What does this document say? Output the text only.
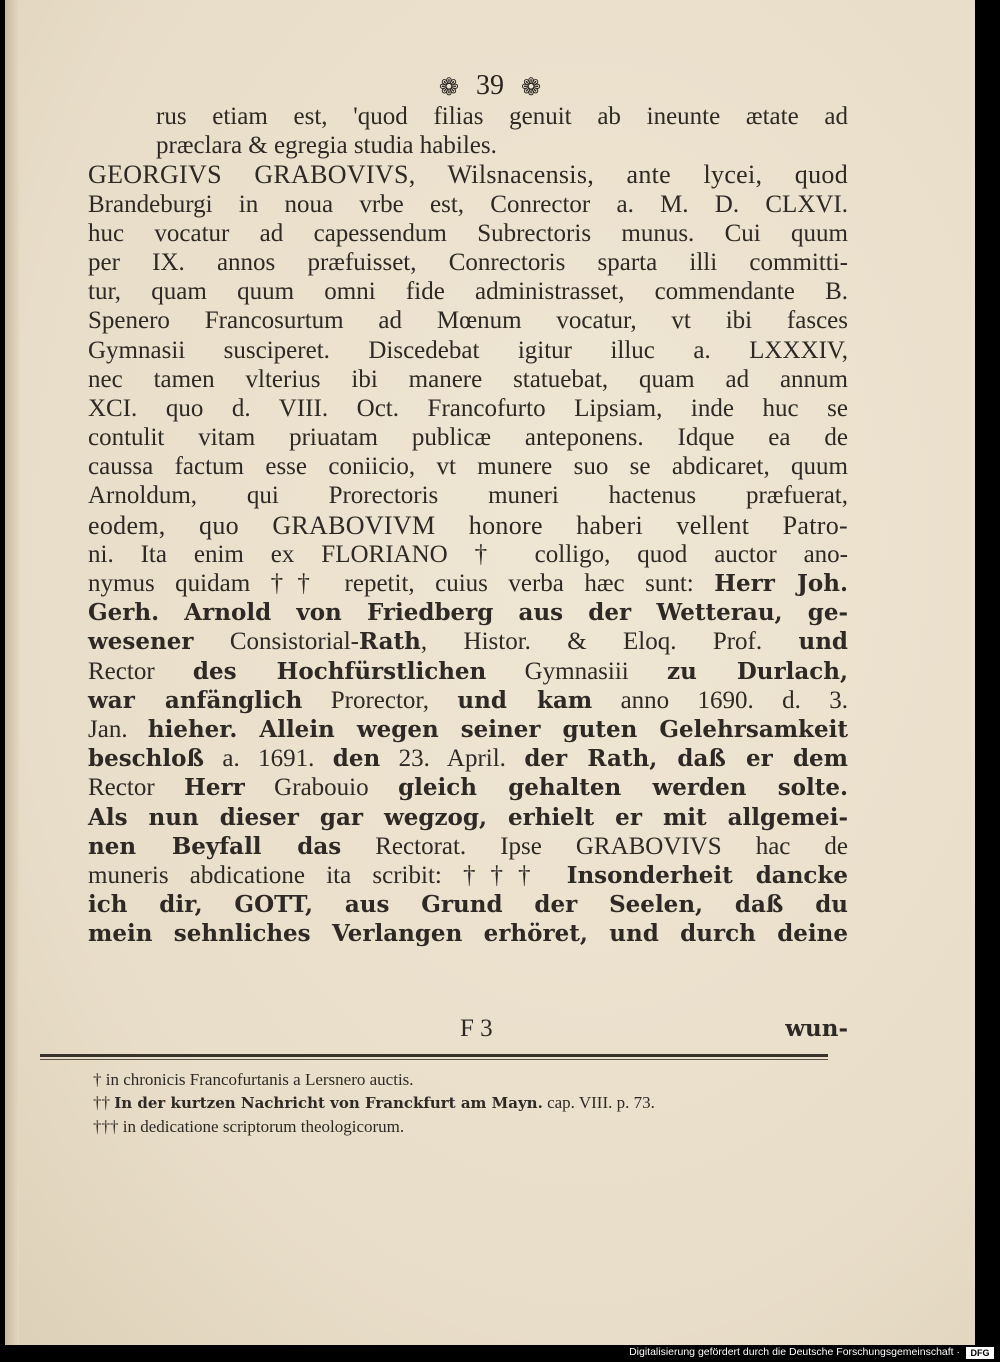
❁ 39 ❁
rus etiam est, 'quod filias genuit ab ineunte ætate ad
præclara & egregia studia habiles.
GEORGIVS GRABOVIVS, Wilsnacensis, ante lycei, quod
Brandeburgi in noua vrbe est, Conrector a. M. D. CLXVI.
huc vocatur ad capessendum Subrectoris munus. Cui quum
per IX. annos præfuisset, Conrectoris sparta illi committi-
tur, quam quum omni fide administrasset, commendante B.
Spenero Francosurtum ad Mœnum vocatur, vt ibi fasces
Gymnasii susciperet. Discedebat igitur illuc a. LXXXIV,
nec tamen vlterius ibi manere statuebat, quam ad annum
XCI. quo d. VIII. Oct. Francofurto Lipsiam, inde huc se
contulit vitam priuatam publicæ anteponens. Idque ea de
caussa factum esse coniicio, vt munere suo se abdicaret, quum
Arnoldum, qui Prorectoris muneri hactenus præfuerat,
eodem, quo GRABOVIVM honore haberi vellent Patro-
ni. Ita enim ex FLORIANO † colligo, quod auctor ano-
nymus quidam †† repetit, cuius verba hæc sunt: Herr Joh.
Gerh. Arnold von Friedberg aus der Wetterau, ge-
wesener Consistorial-Rath, Histor. & Eloq. Prof. und
Rector des Hochfürstlichen Gymnasiii zu Durlach,
war anfänglich Prorector, und kam anno 1690. d. 3.
Jan. hieher. Allein wegen seiner guten Gelehrsamkeit
beschloß a. 1691. den 23. April. der Rath, daß er dem
Rector Herr Grabouio gleich gehalten werden solte.
Als nun dieser gar wegzog, erhielt er mit allgemei-
nen Beyfall das Rectorat. Ipse GRABOVIVS hac de
muneris abdicatione ita scribit: ††† Insonderheit dancke
ich dir, GOTT, aus Grund der Seelen, daß du
mein sehnliches Verlangen erhöret, und durch deine
F 3	wun-
† in chronicis Francofurtanis a Lersnero auctis.
†† In der kurtzen Nachricht von Franckfurt am Mayn. cap. VIII. p. 73.
††† in dedicatione scriptorum theologicorum.
Digitalisierung gefördert durch die Deutsche Forschungsgemeinschaft ·	DFG
